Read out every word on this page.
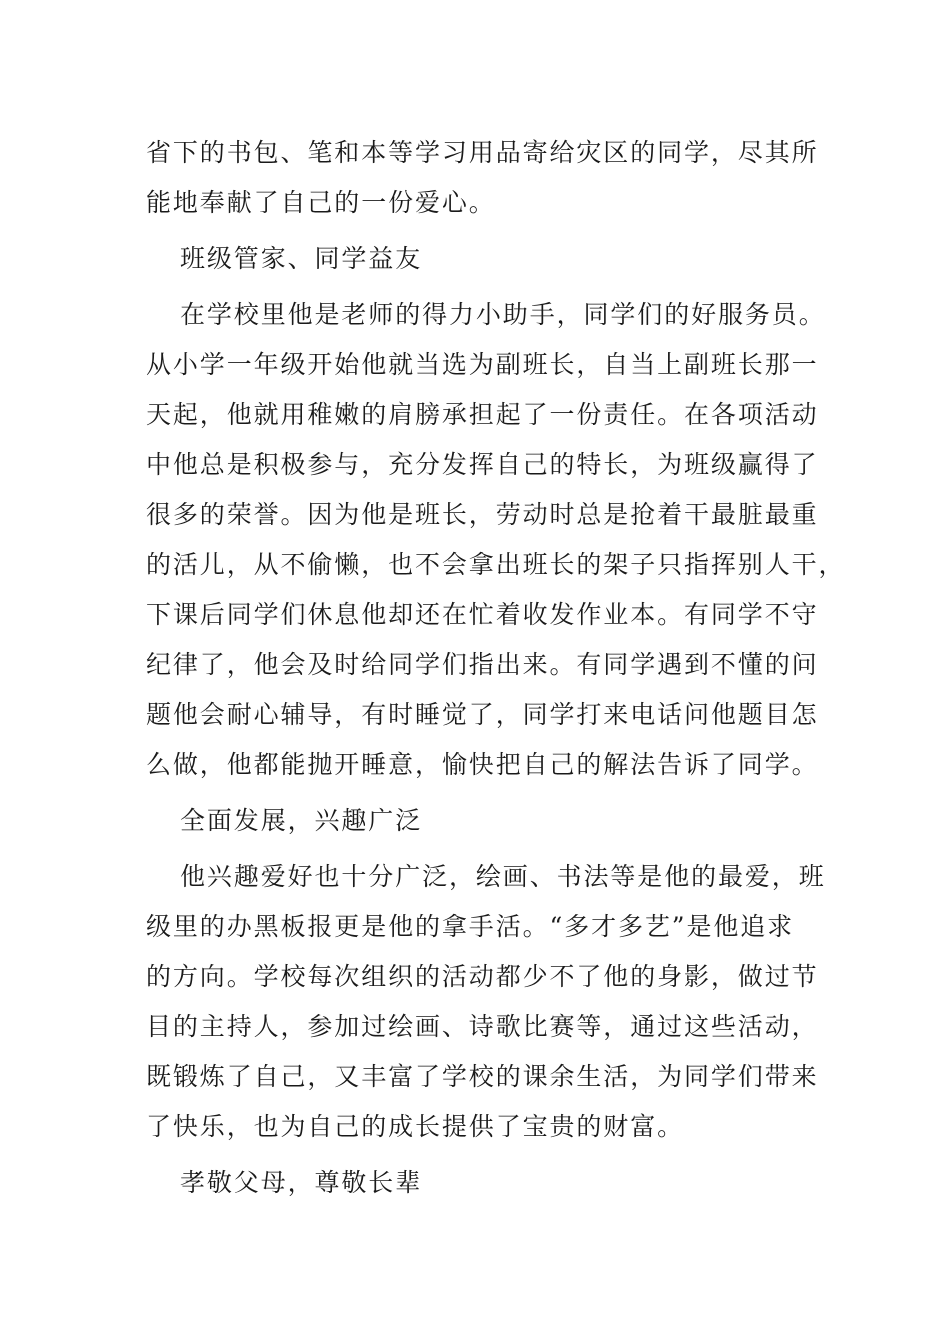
省下的书包、笔和本等学习用品寄给灾区的同学，尽其所
能地奉献了自己的一份爱心。
班级管家、同学益友
在学校里他是老师的得力小助手，同学们的好服务员。
从小学一年级开始他就当选为副班长，自当上副班长那一
天起，他就用稚嫩的肩膀承担起了一份责任。在各项活动
中他总是积极参与，充分发挥自己的特长，为班级赢得了
很多的荣誉。因为他是班长，劳动时总是抢着干最脏最重
的活儿，从不偷懒，也不会拿出班长的架子只指挥别人干，
下课后同学们休息他却还在忙着收发作业本。有同学不守
纪律了，他会及时给同学们指出来。有同学遇到不懂的问
题他会耐心辅导，有时睡觉了，同学打来电话问他题目怎
么做，他都能抛开睡意，愉快把自己的解法告诉了同学。
全面发展，兴趣广泛
他兴趣爱好也十分广泛，绘画、书法等是他的最爱，班
级里的办黑板报更是他的拿手活。“多才多艺”是他追求
的方向。学校每次组织的活动都少不了他的身影，做过节
目的主持人，参加过绘画、诗歌比赛等，通过这些活动，
既锻炼了自己，又丰富了学校的课余生活，为同学们带来
了快乐，也为自己的成长提供了宝贵的财富。
孝敬父母，尊敬长辈
